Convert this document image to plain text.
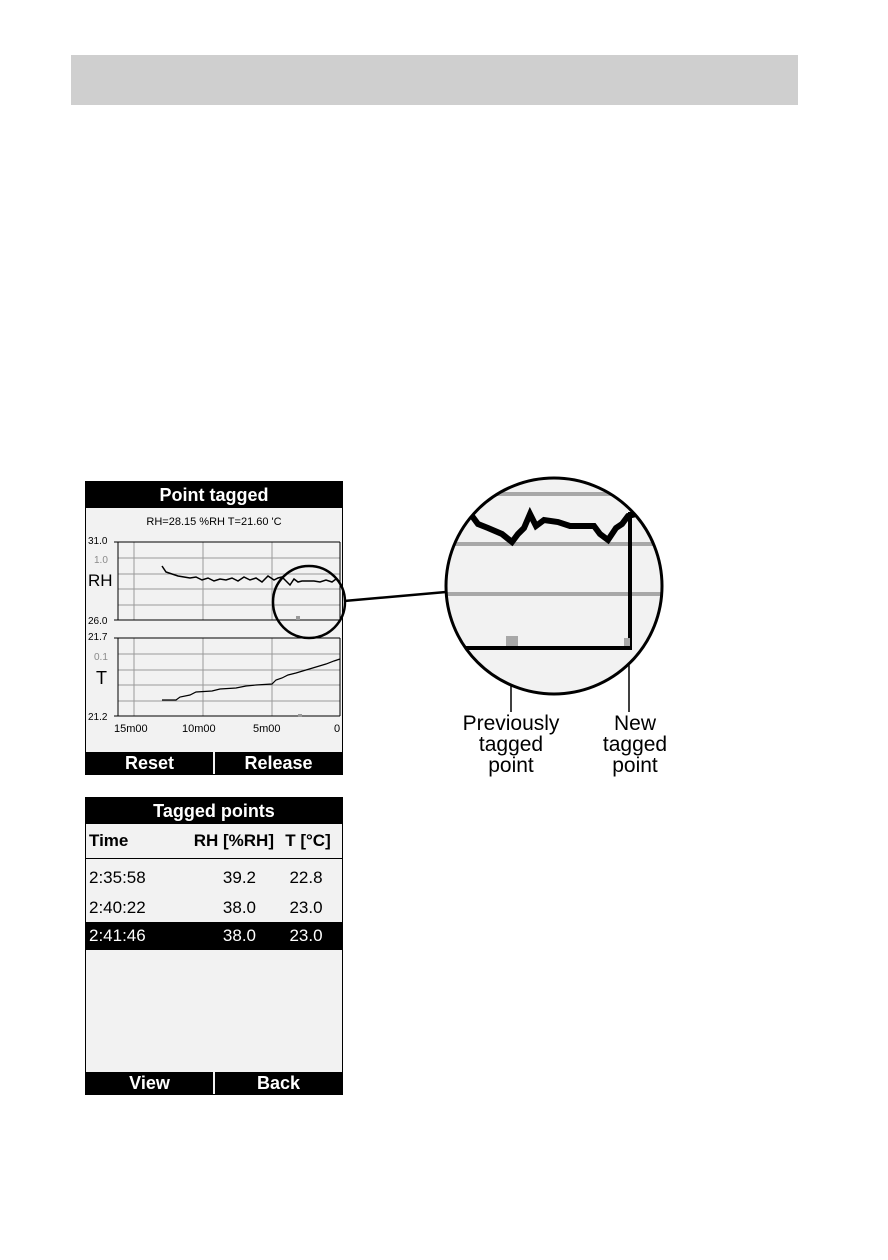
Point tagged
RH=28.15 %RH T=21.60 'C
31.0
1.0
RH
26.0
21.7
0.1
T
21.2
15m00	10m00	5m00	0
Reset	Release
Previously
tagged
point
New
tagged
point
Tagged points
Time	RH [%RH] T [°C]
2:35:58	39.2	22.8
2:40:22	38.0	23.0
2:41:46	38.0	23.0
View	Back
